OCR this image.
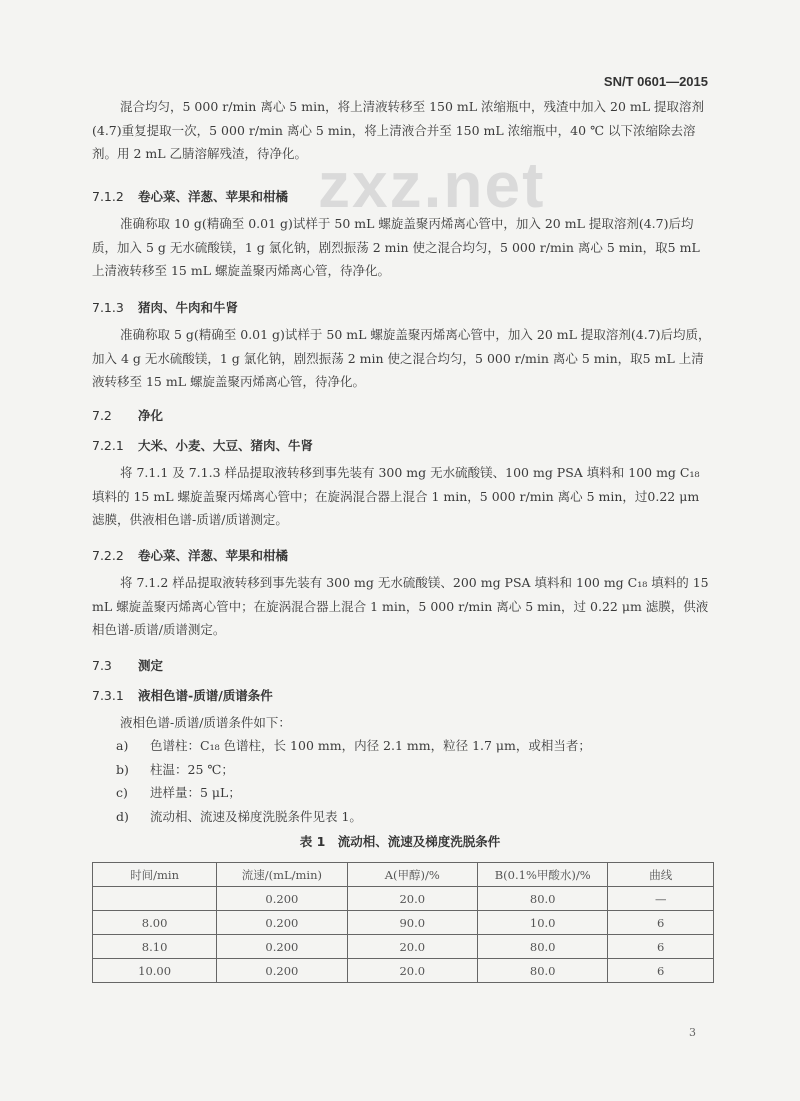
SN/T 0601—2015
zxz.net
混合均匀，5 000 r/min 离心 5 min，将上清液转移至 150 mL 浓缩瓶中，残渣中加入 20 mL 提取溶剂(4.7)重复提取一次，5 000 r/min 离心 5 min，将上清液合并至 150 mL 浓缩瓶中，40 ℃ 以下浓缩除去溶剂。用 2 mL 乙腈溶解残渣，待净化。
7.1.2 卷心菜、洋葱、苹果和柑橘
准确称取 10 g(精确至 0.01 g)试样于 50 mL 螺旋盖聚丙烯离心管中，加入 20 mL 提取溶剂(4.7)后均质，加入 5 g 无水硫酸镁，1 g 氯化钠，剧烈振荡 2 min 使之混合均匀，5 000 r/min 离心 5 min，取5 mL 上清液转移至 15 mL 螺旋盖聚丙烯离心管，待净化。
7.1.3 猪肉、牛肉和牛肾
准确称取 5 g(精确至 0.01 g)试样于 50 mL 螺旋盖聚丙烯离心管中，加入 20 mL 提取溶剂(4.7)后均质，加入 4 g 无水硫酸镁，1 g 氯化钠，剧烈振荡 2 min 使之混合均匀，5 000 r/min 离心 5 min，取5 mL 上清液转移至 15 mL 螺旋盖聚丙烯离心管，待净化。
7.2 净化
7.2.1 大米、小麦、大豆、猪肉、牛肾
将 7.1.1 及 7.1.3 样品提取液转移到事先装有 300 mg 无水硫酸镁、100 mg PSA 填料和 100 mg C₁₈ 填料的 15 mL 螺旋盖聚丙烯离心管中；在旋涡混合器上混合 1 min，5 000 r/min 离心 5 min，过0.22 μm 滤膜，供液相色谱-质谱/质谱测定。
7.2.2 卷心菜、洋葱、苹果和柑橘
将 7.1.2 样品提取液转移到事先装有 300 mg 无水硫酸镁、200 mg PSA 填料和 100 mg C₁₈ 填料的 15 mL 螺旋盖聚丙烯离心管中；在旋涡混合器上混合 1 min，5 000 r/min 离心 5 min，过 0.22 μm 滤膜，供液相色谱-质谱/质谱测定。
7.3 测定
7.3.1 液相色谱-质谱/质谱条件
液相色谱-质谱/质谱条件如下：
a)	色谱柱：C₁₈ 色谱柱，长 100 mm，内径 2.1 mm，粒径 1.7 μm，或相当者；
b)	柱温：25 ℃；
c)	进样量：5 μL；
d)	流动相、流速及梯度洗脱条件见表 1。
表 1　流动相、流速及梯度洗脱条件
时间/min	流速/(mL/min)	A(甲醇)/%	B(0.1%甲酸水)/%	曲线
	0.200	20.0	80.0	—
8.00	0.200	90.0	10.0	6
8.10	0.200	20.0	80.0	6
10.00	0.200	20.0	80.0	6
3
